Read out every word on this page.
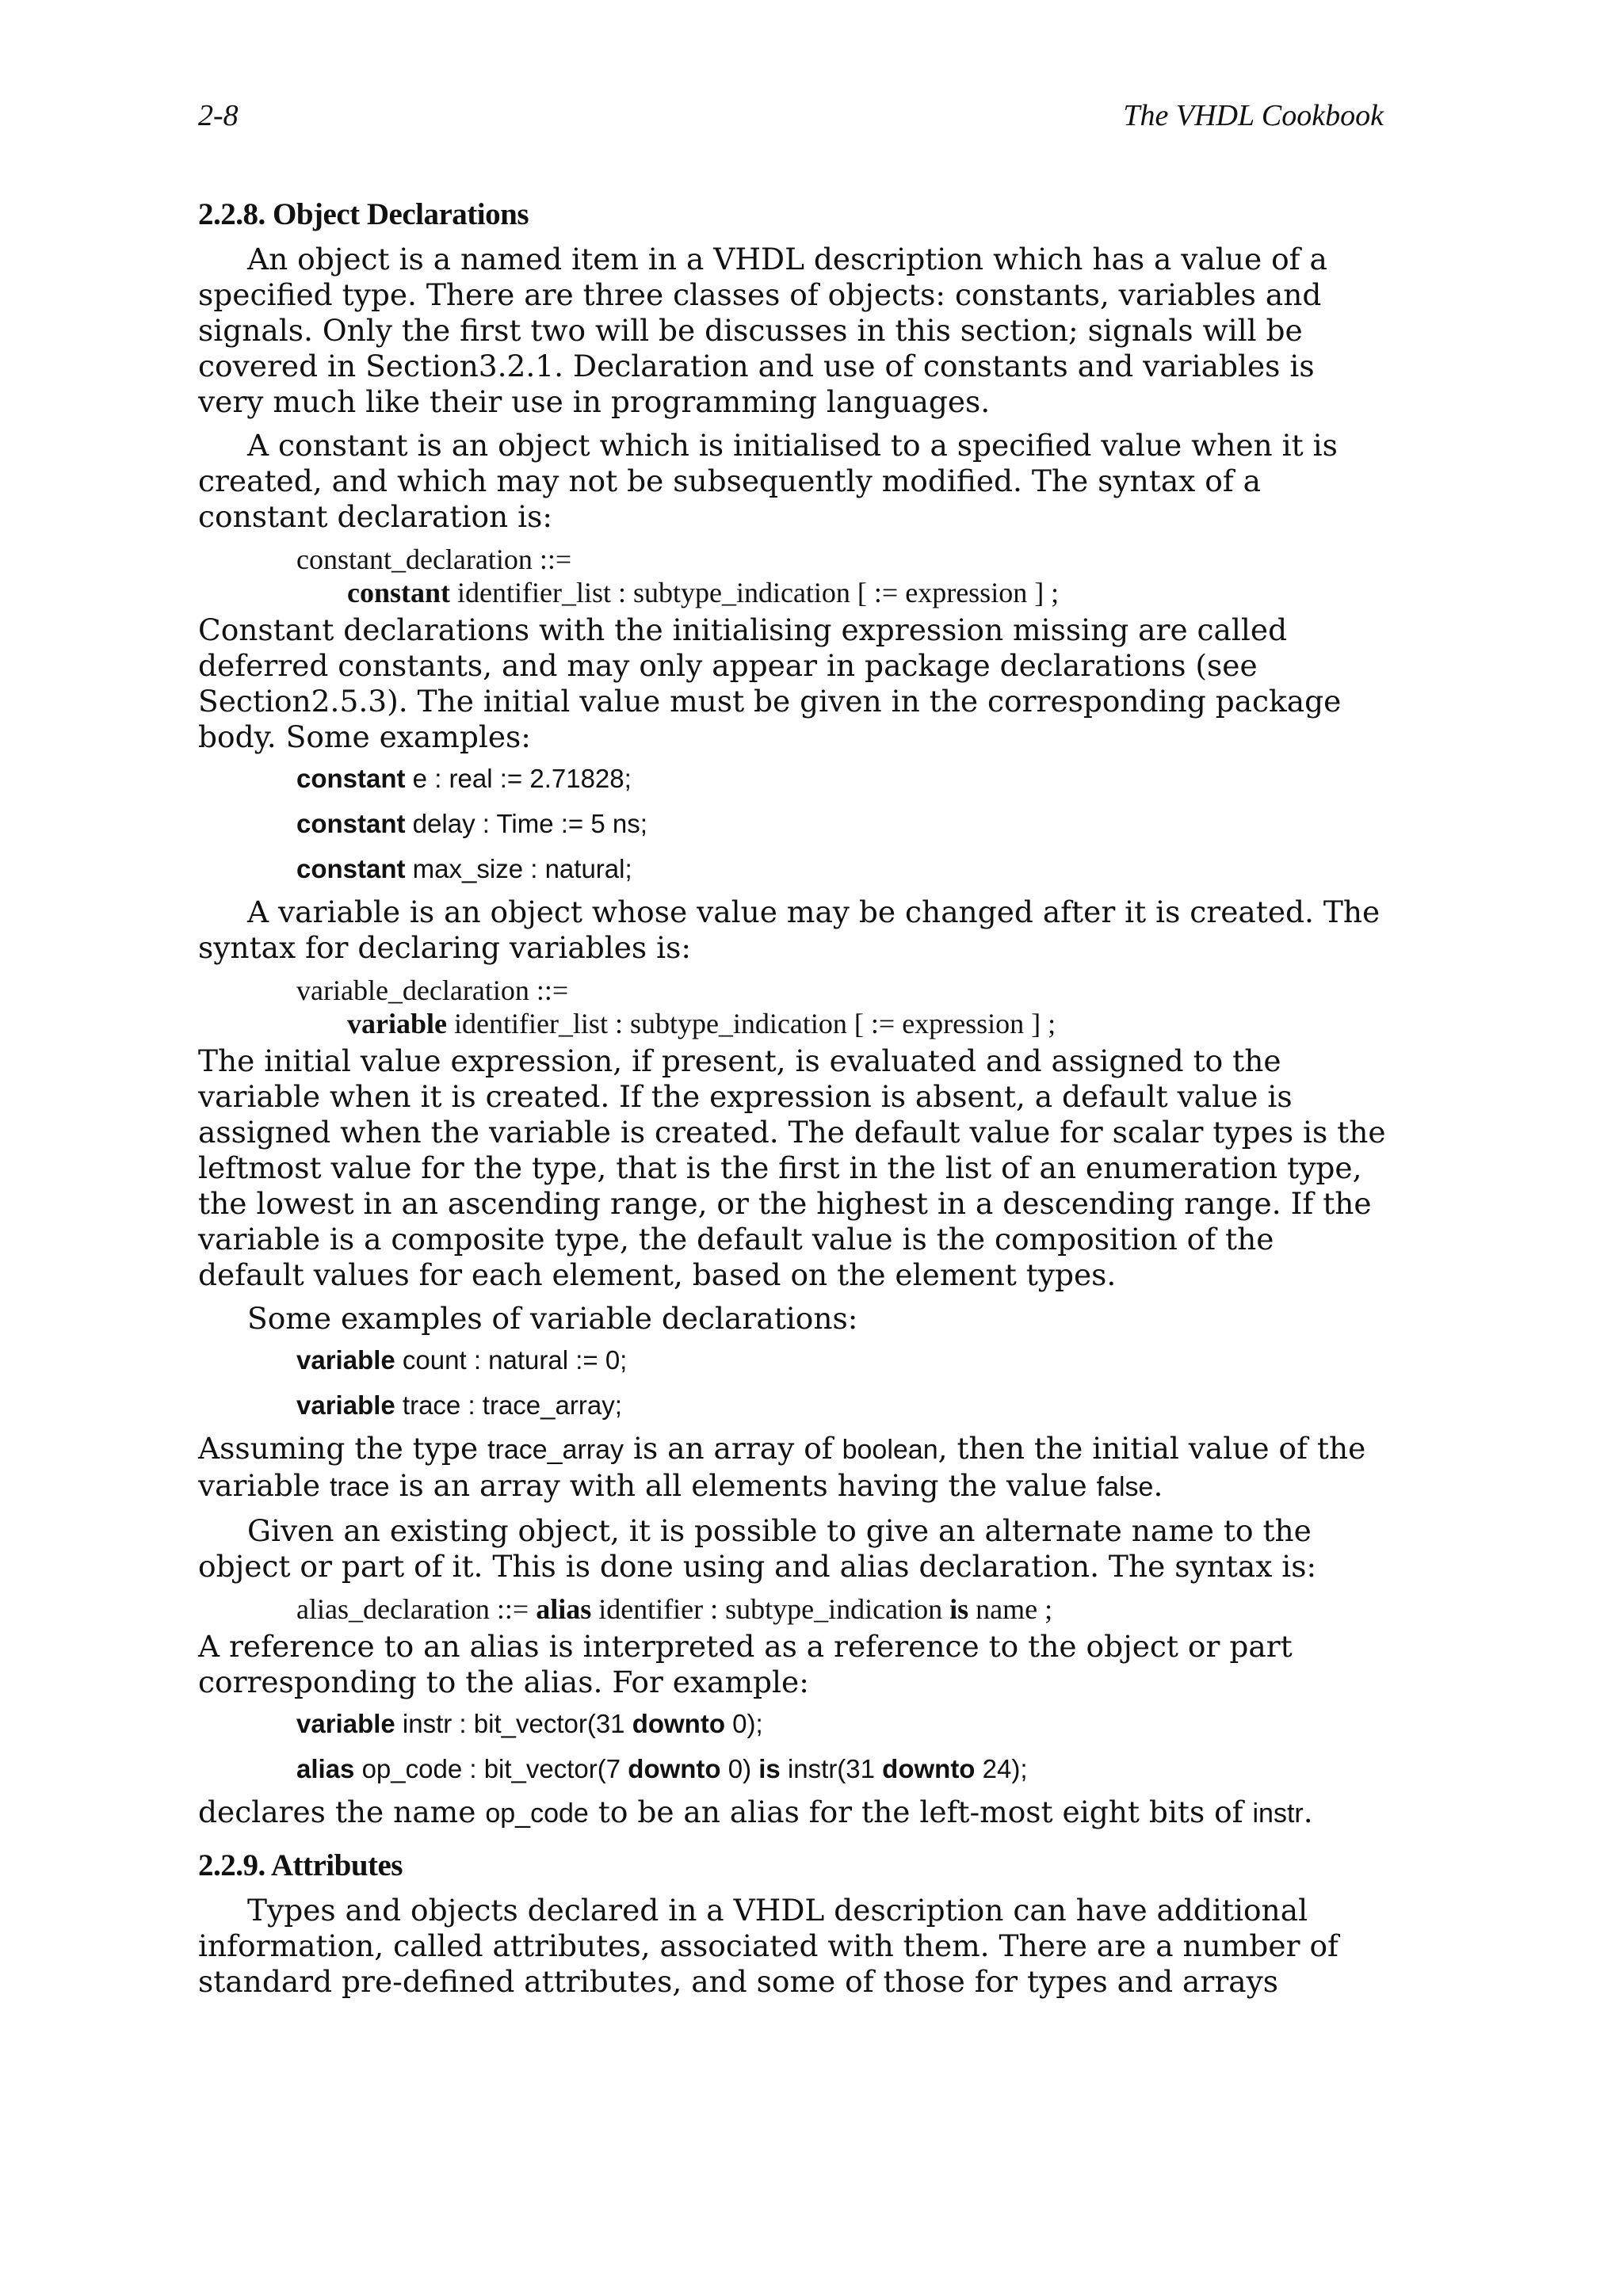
2-8	The VHDL Cookbook
2.2.8. Object Declarations

An object is a named item in a VHDL description which has a value of a specified type. There are three classes of objects: constants, variables and signals. Only the first two will be discusses in this section; signals will be covered in Section3.2.1. Declaration and use of constants and variables is very much like their use in programming languages.

A constant is an object which is initialised to a specified value when it is created, and which may not be subsequently modified. The syntax of a constant declaration is:

constant_declaration ::=
constant identifier_list : subtype_indication [ := expression ] ;

Constant declarations with the initialising expression missing are called deferred constants, and may only appear in package declarations (see Section2.5.3). The initial value must be given in the corresponding package body. Some examples:

constant e : real := 2.71828;
constant delay : Time := 5 ns;
constant max_size : natural;

A variable is an object whose value may be changed after it is created. The syntax for declaring variables is:

variable_declaration ::=
variable identifier_list : subtype_indication [ := expression ] ;

The initial value expression, if present, is evaluated and assigned to the variable when it is created. If the expression is absent, a default value is assigned when the variable is created. The default value for scalar types is the leftmost value for the type, that is the first in the list of an enumeration type, the lowest in an ascending range, or the highest in a descending range. If the variable is a composite type, the default value is the composition of the default values for each element, based on the element types.

Some examples of variable declarations:

variable count : natural := 0;
variable trace : trace_array;

Assuming the type trace_array is an array of boolean, then the initial value of the variable trace is an array with all elements having the value false.

Given an existing object, it is possible to give an alternate name to the object or part of it. This is done using and alias declaration. The syntax is:

alias_declaration ::= alias identifier : subtype_indication is name ;

A reference to an alias is interpreted as a reference to the object or part corresponding to the alias. For example:

variable instr : bit_vector(31 downto 0);
alias op_code : bit_vector(7 downto 0) is instr(31 downto 24);

declares the name op_code to be an alias for the left-most eight bits of instr.

2.2.9. Attributes

Types and objects declared in a VHDL description can have additional information, called attributes, associated with them. There are a number of standard pre-defined attributes, and some of those for types and arrays
